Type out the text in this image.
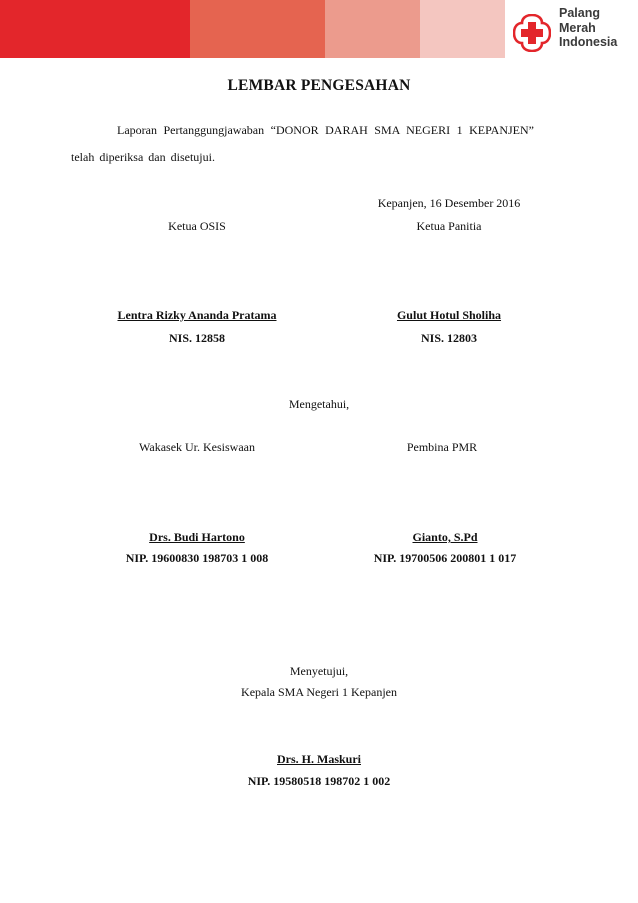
Palang
Merah
Indonesia
LEMBAR PENGESAHAN
Laporan Pertanggungjawaban “DONOR DARAH SMA NEGERI 1 KEPANJEN”
telah diperiksa dan disetujui.
Kepanjen, 16 Desember 2016
Ketua OSIS	Ketua Panitia
Lentra Rizky Ananda Pratama	Gulut Hotul Sholiha
NIS. 12858	NIS. 12803
Mengetahui,
Wakasek Ur. Kesiswaan	Pembina PMR
Drs. Budi Hartono	Gianto, S.Pd
NIP. 19600830 198703 1 008	NIP. 19700506 200801 1 017
Menyetujui,
Kepala SMA Negeri 1 Kepanjen
Drs. H. Maskuri
NIP. 19580518 198702 1 002
